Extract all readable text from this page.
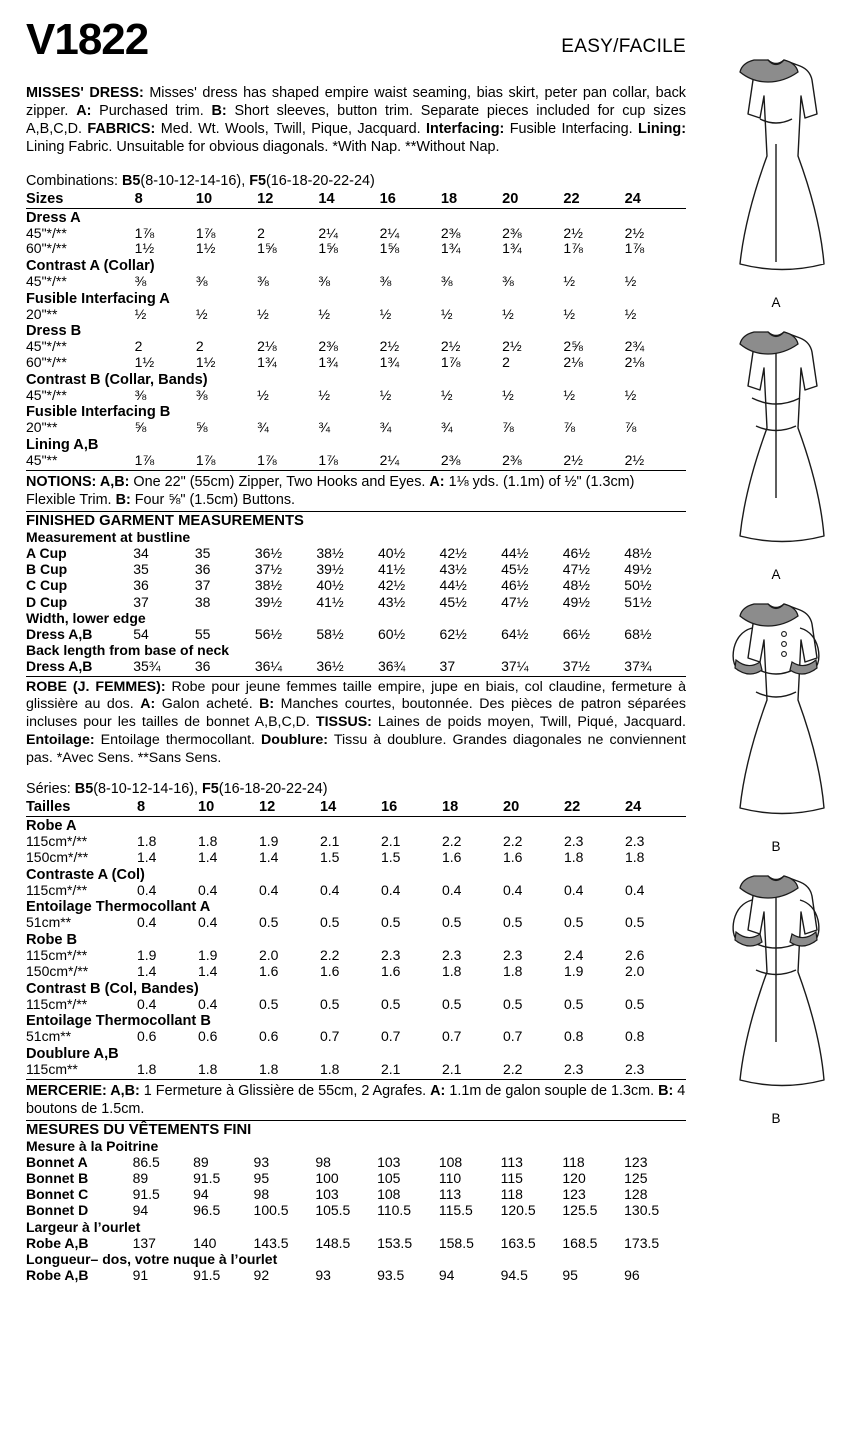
V1822	EASY/FACILE
MISSES' DRESS: Misses' dress has shaped empire waist seaming, bias skirt, peter pan collar, back zipper. A: Purchased trim. B: Short sleeves, button trim. Separate pieces included for cup sizes A,B,C,D. FABRICS: Med. Wt. Wools, Twill, Pique, Jacquard. Interfacing: Fusible Interfacing. Lining: Lining Fabric. Unsuitable for obvious diagonals. *With Nap. **Without Nap.
Combinations: B5(8-10-12-14-16), F5(16-18-20-22-24)
Sizes	8	10	12	14	16	18	20	22	24
Dress A									
45"*/**	1⅞	1⅞	2	2¼	2¼	2⅜	2⅜	2½	2½
60"*/**	1½	1½	1⅝	1⅝	1⅝	1¾	1¾	1⅞	1⅞
Contrast A (Collar)									
45"*/**	⅜	⅜	⅜	⅜	⅜	⅜	⅜	½	½
Fusible Interfacing A									
20"**	½	½	½	½	½	½	½	½	½
Dress B									
45"*/**	2	2	2⅛	2⅜	2½	2½	2½	2⅝	2¾
60"*/**	1½	1½	1¾	1¾	1¾	1⅞	2	2⅛	2⅛
Contrast B (Collar, Bands)									
45"*/**	⅜	⅜	½	½	½	½	½	½	½
Fusible Interfacing B									
20"**	⅝	⅝	¾	¾	¾	¾	⅞	⅞	⅞
Lining A,B									
45"**	1⅞	1⅞	1⅞	1⅞	2¼	2⅜	2⅜	2½	2½
NOTIONS: A,B: One 22" (55cm) Zipper, Two Hooks and Eyes. A: 1⅛ yds. (1.1m) of ½" (1.3cm) Flexible Trim. B: Four ⅝" (1.5cm) Buttons.
FINISHED GARMENT MEASUREMENTS
Measurement at bustline									
A Cup	34	35	36½	38½	40½	42½	44½	46½	48½
B Cup	35	36	37½	39½	41½	43½	45½	47½	49½
C Cup	36	37	38½	40½	42½	44½	46½	48½	50½
D Cup	37	38	39½	41½	43½	45½	47½	49½	51½
Width, lower edge									
Dress A,B	54	55	56½	58½	60½	62½	64½	66½	68½
Back length from base of neck									
Dress A,B	35¾	36	36¼	36½	36¾	37	37¼	37½	37¾
ROBE (J. FEMMES): Robe pour jeune femmes taille empire, jupe en biais, col claudine, fermeture à glissière au dos. A: Galon acheté. B: Manches courtes, boutonnée. Des pièces de patron séparées incluses pour les tailles de bonnet A,B,C,D. TISSUS: Laines de poids moyen, Twill, Piqué, Jacquard. Entoilage: Entoilage thermocollant. Doublure: Tissu à doublure. Grandes diagonales ne conviennent pas. *Avec Sens. **Sans Sens.
Séries: B5(8-10-12-14-16), F5(16-18-20-22-24)
Tailles	8	10	12	14	16	18	20	22	24
Robe A									
115cm*/**	1.8	1.8	1.9	2.1	2.1	2.2	2.2	2.3	2.3
150cm*/**	1.4	1.4	1.4	1.5	1.5	1.6	1.6	1.8	1.8
Contraste A (Col)									
115cm*/**	0.4	0.4	0.4	0.4	0.4	0.4	0.4	0.4	0.4
Entoilage Thermocollant A									
51cm**	0.4	0.4	0.5	0.5	0.5	0.5	0.5	0.5	0.5
Robe B									
115cm*/**	1.9	1.9	2.0	2.2	2.3	2.3	2.3	2.4	2.6
150cm*/**	1.4	1.4	1.6	1.6	1.6	1.8	1.8	1.9	2.0
Contrast B (Col, Bandes)									
115cm*/**	0.4	0.4	0.5	0.5	0.5	0.5	0.5	0.5	0.5
Entoilage Thermocollant B									
51cm**	0.6	0.6	0.6	0.7	0.7	0.7	0.7	0.8	0.8
Doublure A,B									
115cm**	1.8	1.8	1.8	1.8	2.1	2.1	2.2	2.3	2.3
MERCERIE: A,B: 1 Fermeture à Glissière de 55cm, 2 Agrafes. A: 1.1m de galon souple de 1.3cm. B: 4 boutons de 1.5cm.
MESURES DU VÊTEMENTS FINI
Mesure à la Poitrine									
Bonnet A	86.5	89	93	98	103	108	113	118	123
Bonnet B	89	91.5	95	100	105	110	115	120	125
Bonnet C	91.5	94	98	103	108	113	118	123	128
Bonnet D	94	96.5	100.5	105.5	110.5	115.5	120.5	125.5	130.5
Largeur à l’ourlet									
Robe A,B	137	140	143.5	148.5	153.5	158.5	163.5	168.5	173.5
Longueur– dos, votre nuque à l’ourlet									
Robe A,B	91	91.5	92	93	93.5	94	94.5	95	96
A
A
B
B
